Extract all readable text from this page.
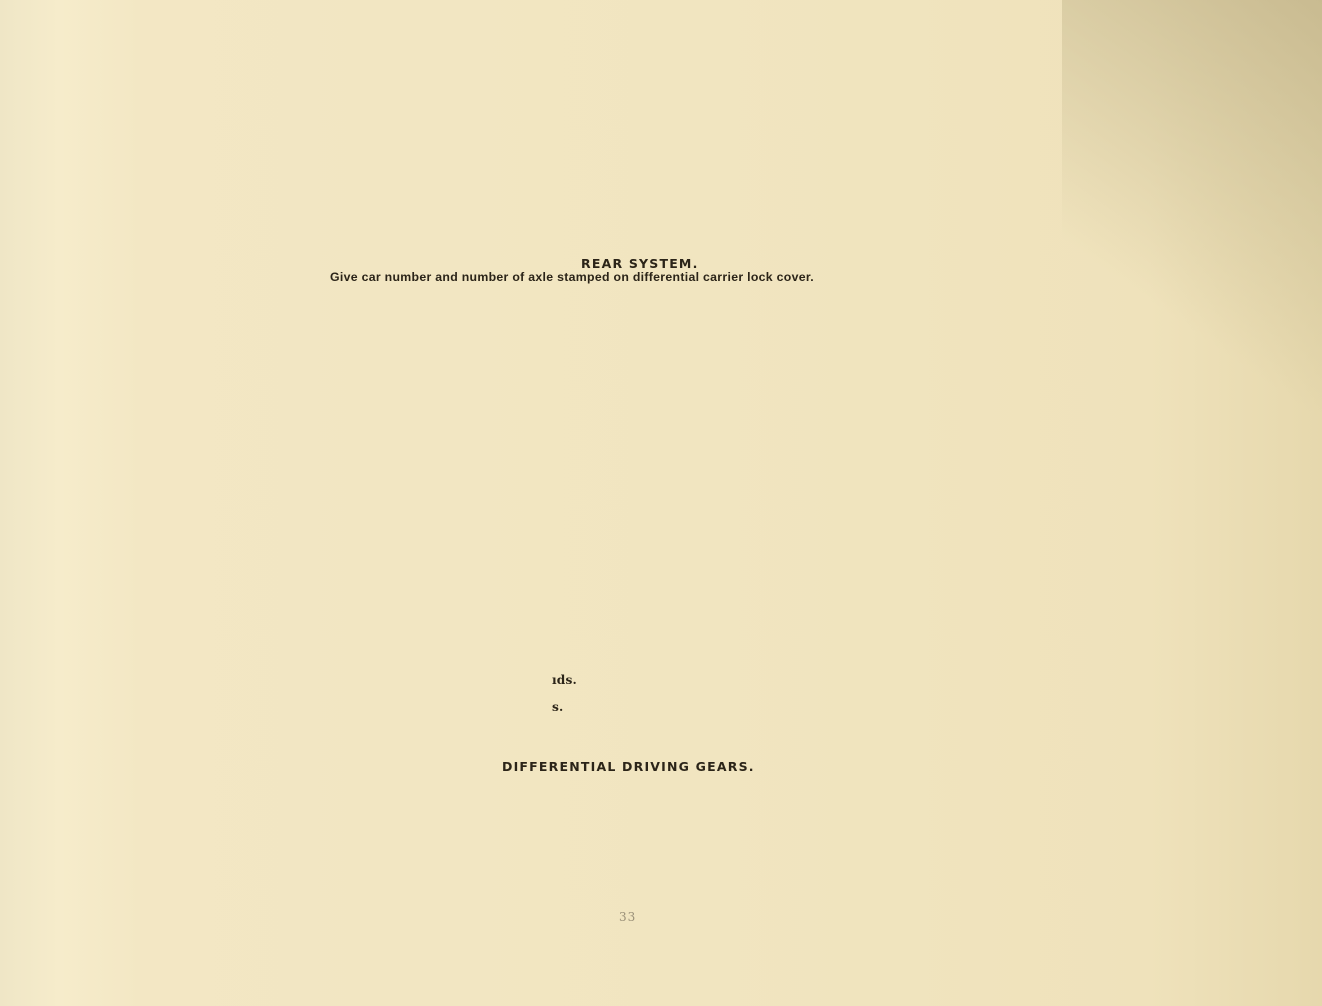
REAR SYSTEM.
Give car number and number of axle stamped on differential carrier lock cover.
ıds.
s.
DIFFERENTIAL DRIVING GEARS.
33
